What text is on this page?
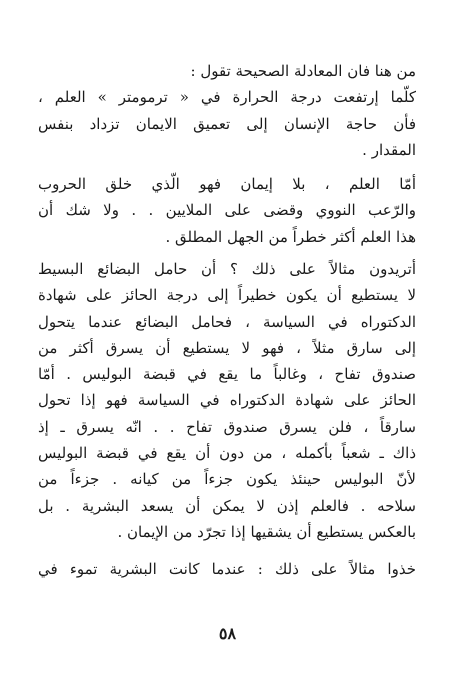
من هنا فان المعادلة الصحيحة تقول :
كلّما إرتفعت درجة الحرارة في « ترمومتر » العلم ،
فأن حاجة الإنسان إلى تعميق الايمان تزداد بنفس
المقدار .
أمّا العلم ، بلا إيمان فهو الّذي خلق الحروب
والرّعب النووي وقضى على الملايين . . ولا شك أن
هذا العلم أكثر خطراً من الجهل المطلق .
أتريدون مثالاً على ذلك ؟ أن حامل البضائع البسيط
لا يستطيع أن يكون خطيراً إلى درجة الحائز على شهادة
الدكتوراه في السياسة ، فحامل البضائع عندما يتحول
إلى سارق مثلاً ، فهو لا يستطيع أن يسرق أكثر من
صندوق تفاح ، وغالباً ما يقع في قبضة البوليس . أمّا
الحائز على شهادة الدكتوراه في السياسة فهو إذا تحول
سارقاً ، فلن يسرق صندوق تفاح . . انّه يسرق ـ إذ
ذاك ـ شعباً بأكمله ، من دون أن يقع في قبضة البوليس
لأنّ البوليس حينئذ يكون جزءاً من كيانه . جزءاً من
سلاحه . فالعلم إذن لا يمكن أن يسعد البشرية . بل
بالعكس يستطيع أن يشقيها إذا تجرّد من الإيمان .
خذوا مثالاً على ذلك : عندما كانت البشرية تموء في
٥٨
